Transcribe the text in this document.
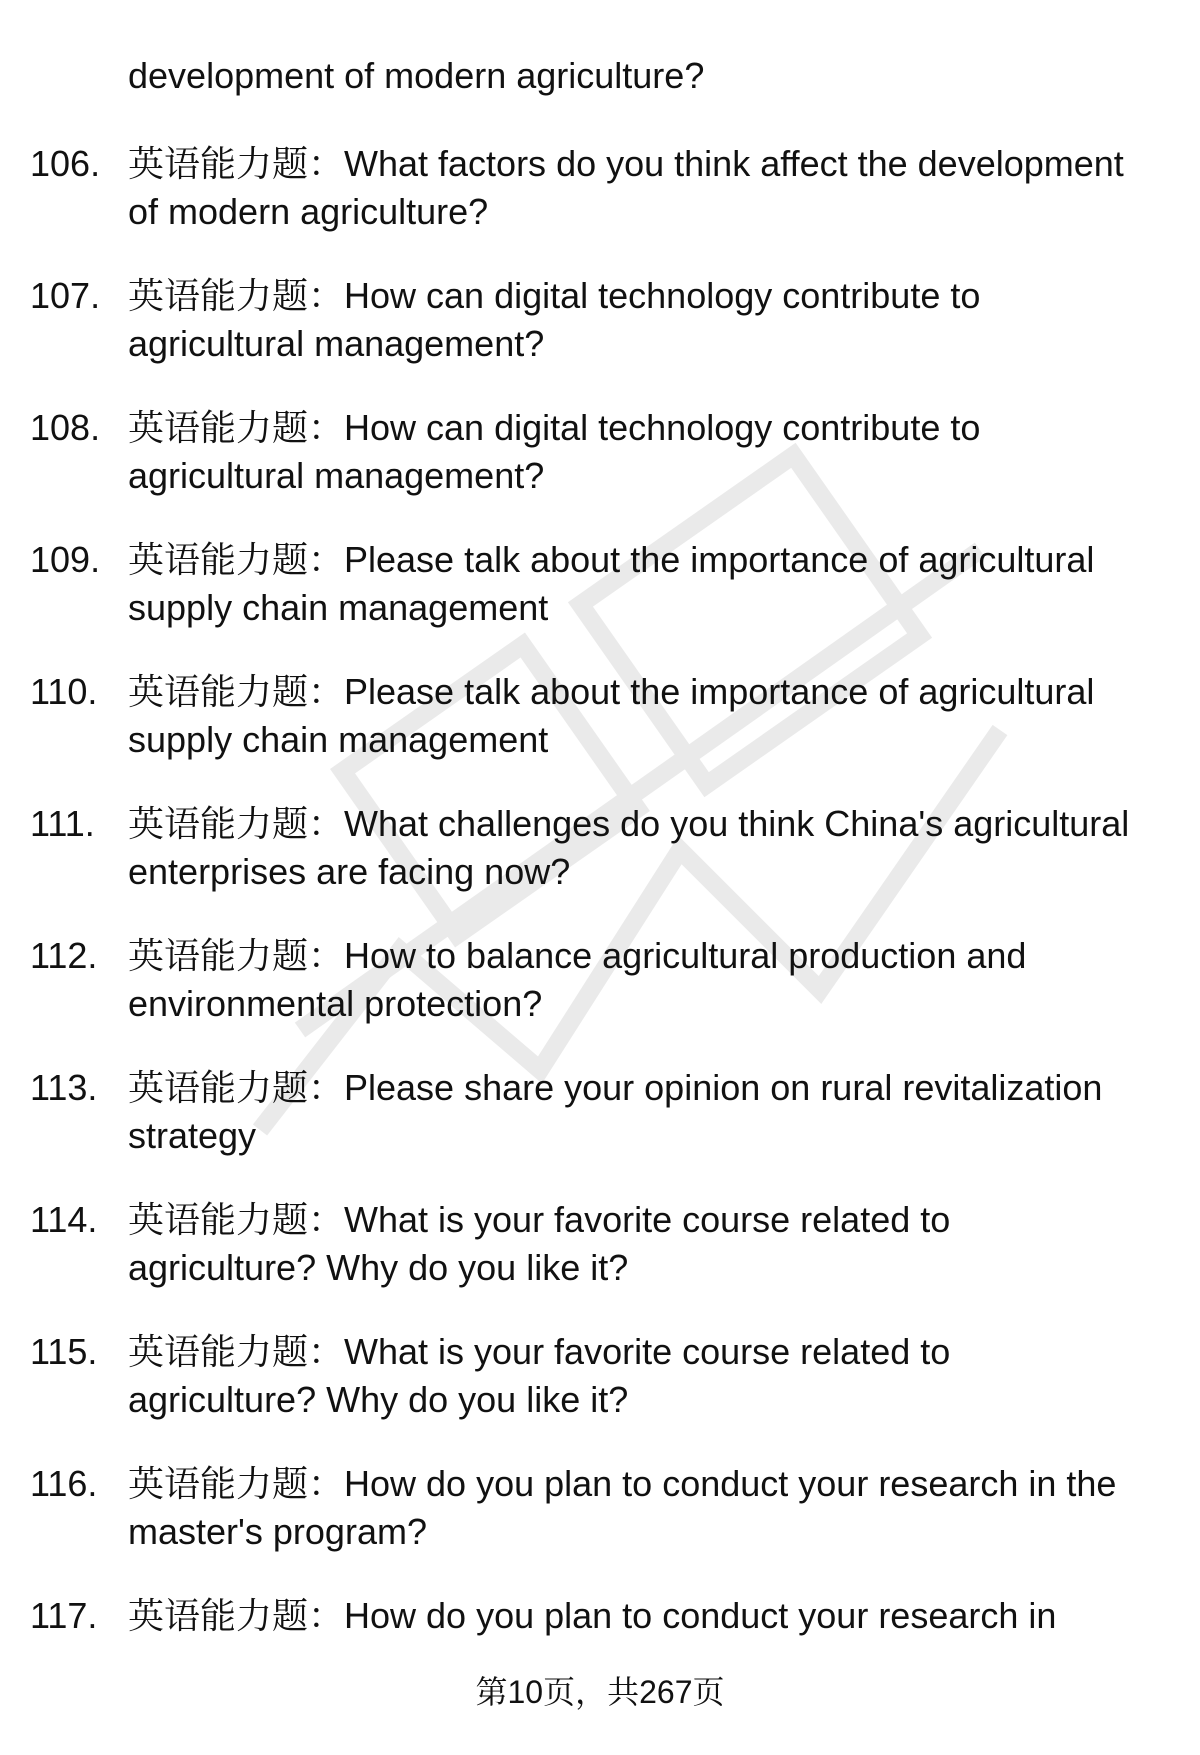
development of modern agriculture?
106. 英语能力题：What factors do you think affect the development of modern agriculture?
107. 英语能力题：How can digital technology contribute to agricultural management?
108. 英语能力题：How can digital technology contribute to agricultural management?
109. 英语能力题：Please talk about the importance of agricultural supply chain management
110. 英语能力题：Please talk about the importance of agricultural supply chain management
111. 英语能力题：What challenges do you think China's agricultural enterprises are facing now?
112. 英语能力题：How to balance agricultural production and environmental protection?
113. 英语能力题：Please share your opinion on rural revitalization strategy
114. 英语能力题：What is your favorite course related to agriculture? Why do you like it?
115. 英语能力题：What is your favorite course related to agriculture? Why do you like it?
116. 英语能力题：How do you plan to conduct your research in the master's program?
117. 英语能力题：How do you plan to conduct your research in
第10页，共267页
